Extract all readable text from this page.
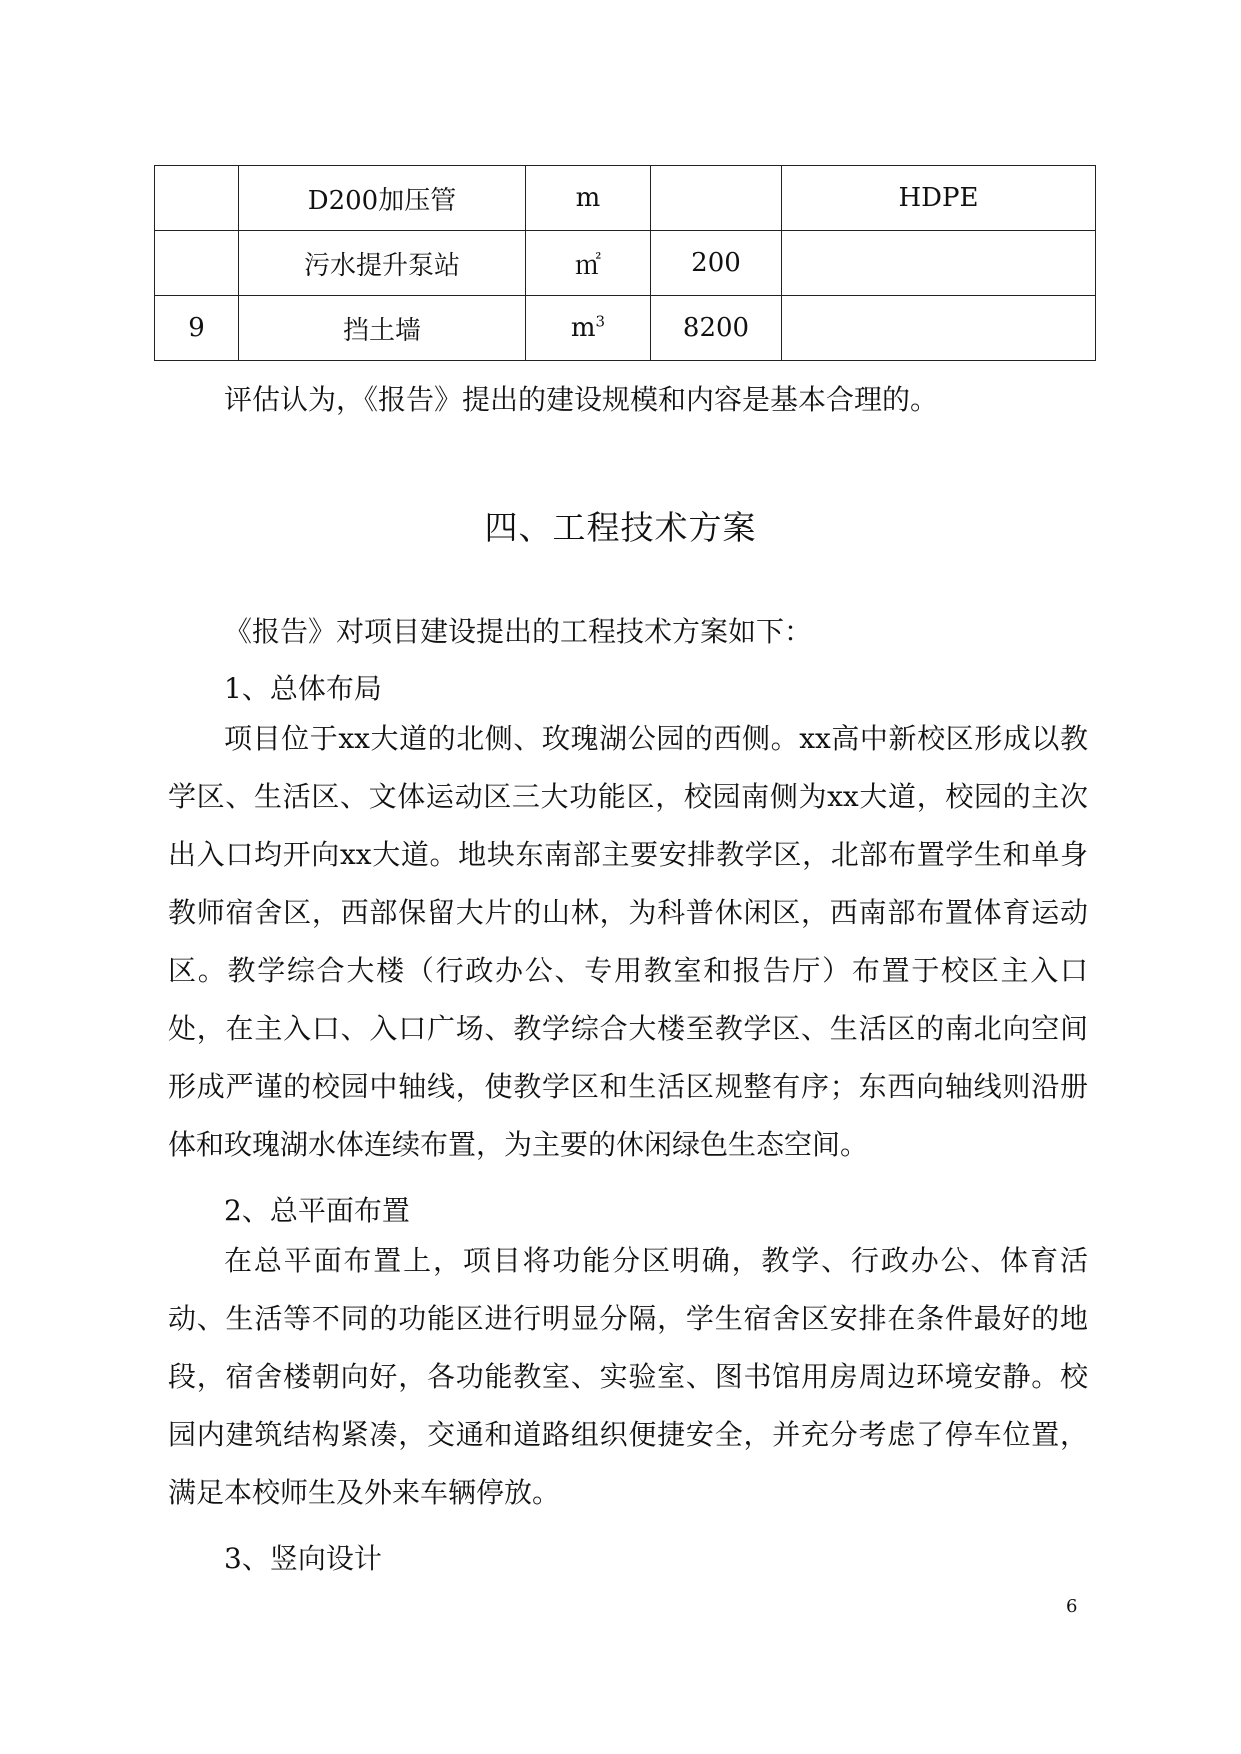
	D200加压管	m		HDPE
	污水提升泵站	㎡	200	
9	挡土墙	$m^3$	8200	
评估认为，《报告》提出的建设规模和内容是基本合理的。
四、工程技术方案
《报告》对项目建设提出的工程技术方案如下：
1、总体布局

项目位于xx大道的北侧、玫瑰湖公园的西侧。xx高中新校区形成以教学区、生活区、文体运动区三大功能区，校园南侧为xx大道，校园的主次出入口均开向xx大道。地块东南部主要安排教学区，北部布置学生和单身教师宿舍区，西部保留大片的山林，为科普休闲区，西南部布置体育运动区。教学综合大楼（行政办公、专用教室和报告厅）布置于校区主入口处，在主入口、入口广场、教学综合大楼至教学区、生活区的南北向空间形成严谨的校园中轴线，使教学区和生活区规整有序；东西向轴线则沿册体和玫瑰湖水体连续布置，为主要的休闲绿色生态空间。

2、总平面布置

在总平面布置上，项目将功能分区明确，教学、行政办公、体育活动、生活等不同的功能区进行明显分隔，学生宿舍区安排在条件最好的地段，宿舍楼朝向好，各功能教室、实验室、图书馆用房周边环境安静。校园内建筑结构紧凑，交通和道路组织便捷安全，并充分考虑了停车位置，满足本校师生及外来车辆停放。

3、竖向设计
6
